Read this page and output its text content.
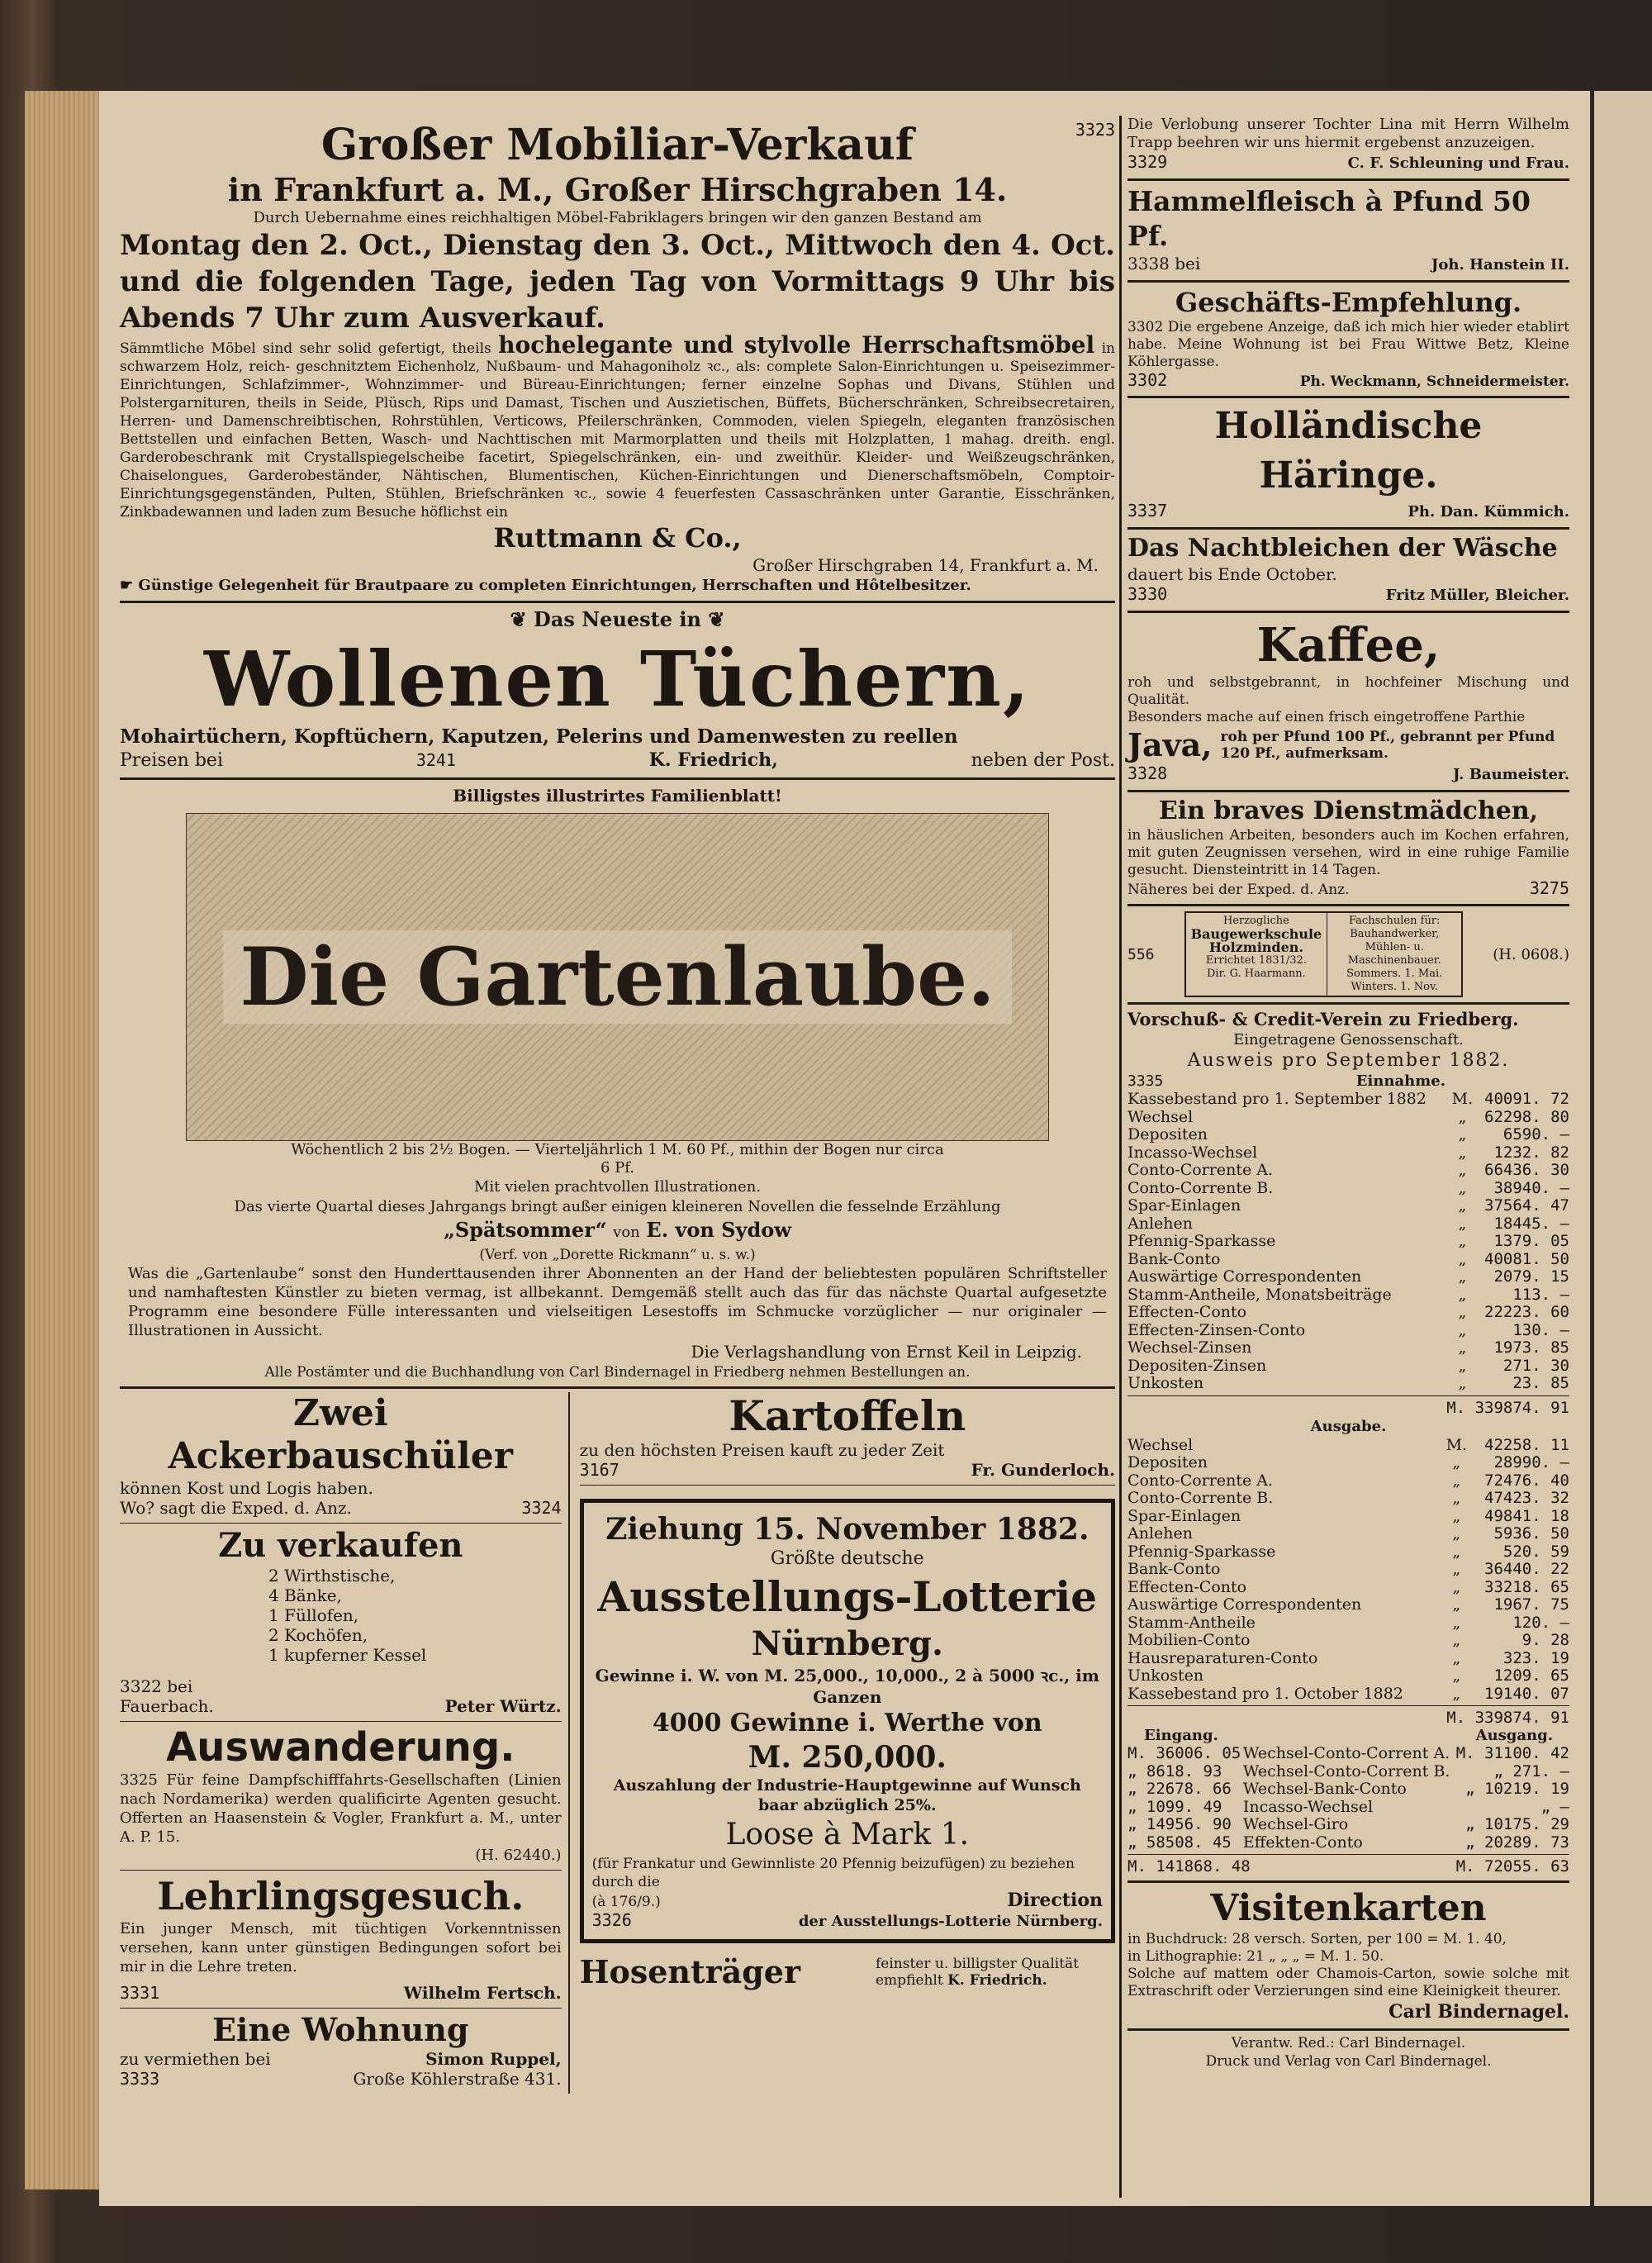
3323
Großer Mobiliar-Verkauf
in Frankfurt a. M., Großer Hirschgraben 14.
Durch Uebernahme eines reichhaltigen Möbel-Fabriklagers bringen wir den ganzen Bestand am
Montag den 2. Oct., Dienstag den 3. Oct., Mittwoch den 4. Oct. und die folgenden Tage, jeden Tag von Vormittags 9 Uhr bis Abends 7 Uhr zum Ausverkauf.
Sämmtliche Möbel sind sehr solid gefertigt, theils hochelegante und stylvolle Herrschaftsmöbel in schwarzem Holz, reich- geschnitztem Eichenholz, Nußbaum- und Mahagoniholz ꝛc., als: complete Salon-Einrichtungen u. Speisezimmer-Einrichtungen, Schlafzimmer-, Wohnzimmer- und Büreau-Einrichtungen; ferner einzelne Sophas und Divans, Stühlen und Polstergarnituren, theils in Seide, Plüsch, Rips und Damast, Tischen und Auszietischen, Büffets, Bücherschränken, Schreibsecretairen, Herren- und Damenschreibtischen, Rohrstühlen, Verticows, Pfeilerschränken, Commoden, vielen Spiegeln, eleganten französischen Bettstellen und einfachen Betten, Wasch- und Nachttischen mit Marmorplatten und theils mit Holzplatten, 1 mahag. dreith. engl. Garderobeschrank mit Crystallspiegelscheibe facetirt, Spiegelschränken, ein- und zweithür. Kleider- und Weißzeugschränken, Chaiselongues, Garderobeständer, Nähtischen, Blumentischen, Küchen-Einrichtungen und Dienerschaftsmöbeln, Comptoir-Einrichtungsgegenständen, Pulten, Stühlen, Briefschränken ꝛc., sowie 4 feuerfesten Cassaschränken unter Garantie, Eisschränken, Zinkbadewannen und laden zum Besuche höflichst ein
Ruttmann & Co.,
Großer Hirschgraben 14, Frankfurt a. M.
☛ Günstige Gelegenheit für Brautpaare zu completen Einrichtungen, Herrschaften und Hôtelbesitzer.
❦ Das Neueste in ❦
Wollenen Tüchern,
Mohairtüchern, Kopftüchern, Kaputzen, Pelerins und Damenwesten zu reellen
Preisen bei	3241	K. Friedrich,	neben der Post.
Billigstes illustrirtes Familienblatt!
Die Gartenlaube.
Wöchentlich 2 bis 2½ Bogen. — Vierteljährlich 1 M. 60 Pf., mithin der Bogen nur circa 6 Pf.
Mit vielen prachtvollen Illustrationen.
Das vierte Quartal dieses Jahrgangs bringt außer einigen kleineren Novellen die fesselnde Erzählung
„Spätsommer“ von E. von Sydow
(Verf. von „Dorette Rickmann“ u. s. w.)
Was die „Gartenlaube“ sonst den Hunderttausenden ihrer Abonnenten an der Hand der beliebtesten populären Schriftsteller und namhaftesten Künstler zu bieten vermag, ist allbekannt. Demgemäß stellt auch das für das nächste Quartal aufgesetzte Programm eine besondere Fülle interessanten und vielseitigen Lesestoffs im Schmucke vorzüglicher — nur originaler — Illustrationen in Aussicht.
Die Verlagshandlung von Ernst Keil in Leipzig.
Alle Postämter und die Buchhandlung von Carl Bindernagel in Friedberg nehmen Bestellungen an.
Zwei Ackerbauschüler
können Kost und Logis haben.
Wo? sagt die Exped. d. Anz.	3324
Zu verkaufen
2 Wirthstische,
4 Bänke,
1 Füllofen,
2 Kochöfen,
1 kupferner Kessel
3322 bei
Fauerbach.	Peter Würtz.
Auswanderung.
3325 Für feine Dampfschifffahrts-Gesellschaften (Linien nach Nordamerika) werden qualificirte Agenten gesucht. Offerten an Haasenstein & Vogler, Frankfurt a. M., unter A. P. 15.
(H. 62440.)
Lehrlingsgesuch.
Ein junger Mensch, mit tüchtigen Vorkenntnissen versehen, kann unter günstigen Bedingungen sofort bei mir in die Lehre treten.
3331	Wilhelm Fertsch.
Eine Wohnung
zu vermiethen bei	Simon Ruppel,
3333	Große Köhlerstraße 431.
Kartoffeln
zu den höchsten Preisen kauft zu jeder Zeit
3167	Fr. Gunderloch.
Ziehung 15. November 1882.
Größte deutsche
Ausstellungs-Lotterie
Nürnberg.
Gewinne i. W. von M. 25,000., 10,000., 2 à 5000 ꝛc., im Ganzen
4000 Gewinne i. Werthe von
M. 250,000.
Auszahlung der Industrie-Hauptgewinne auf Wunsch baar abzüglich 25%.
Loose à Mark 1.
(für Frankatur und Gewinnliste 20 Pfennig beizufügen) zu beziehen durch die
(à 176/9.)	Direction
3326	der Ausstellungs-Lotterie Nürnberg.
Hosenträger	feinster u. billigster Qualität empfiehlt K. Friedrich.
Die Verlobung unserer Tochter Lina mit Herrn Wilhelm Trapp beehren wir uns hiermit ergebenst anzuzeigen.
3329	C. F. Schleuning und Frau.
Hammelfleisch à Pfund 50 Pf.
3338 bei	Joh. Hanstein II.
Geschäfts-Empfehlung.
3302 Die ergebene Anzeige, daß ich mich hier wieder etablirt habe. Meine Wohnung ist bei Frau Wittwe Betz, Kleine Köhlergasse.
3302	Ph. Weckmann, Schneidermeister.
Holländische Häringe.
3337	Ph. Dan. Kümmich.
Das Nachtbleichen der Wäsche
dauert bis Ende October.
3330	Fritz Müller, Bleicher.
Kaffee,
roh und selbstgebrannt, in hochfeiner Mischung und Qualität.
Besonders mache auf einen frisch eingetroffene Parthie
Java, roh per Pfund 100 Pf., gebrannt per Pfund 120 Pf., aufmerksam.
3328	J. Baumeister.
Ein braves Dienstmädchen,
in häuslichen Arbeiten, besonders auch im Kochen erfahren, mit guten Zeugnissen versehen, wird in eine ruhige Familie gesucht. Diensteintritt in 14 Tagen.
Näheres bei der Exped. d. Anz.	3275
556
Herzogliche
Baugewerkschule
Holzminden.
Errichtet 1831/32.
Dir. G. Haarmann.
Fachschulen für:
Bauhandwerker,
Mühlen- u. Maschinenbauer.
Sommers. 1. Mai.
Winters. 1. Nov.
(H. 0608.)
Vorschuß- & Credit-Verein zu Friedberg.
Eingetragene Genossenschaft.
Ausweis pro September 1882.
3335	Einnahme.
Kassebestand pro 1. September 1882	M.	40091. 72
Wechsel	„	62298. 80
Depositen	„	6590. —
Incasso-Wechsel	„	1232. 82
Conto-Corrente A.	„	66436. 30
Conto-Corrente B.	„	38940. —
Spar-Einlagen	„	37564. 47
Anlehen	„	18445. —
Pfennig-Sparkasse	„	1379. 05
Bank-Conto	„	40081. 50
Auswärtige Correspondenten	„	2079. 15
Stamm-Antheile, Monatsbeiträge	„	113. —
Effecten-Conto	„	22223. 60
Effecten-Zinsen-Conto	„	130. —
Wechsel-Zinsen	„	1973. 85
Depositen-Zinsen	„	271. 30
Unkosten	„	23. 85
M. 339874. 91
Ausgabe.
Wechsel	M.	42258. 11
Depositen	„	28990. —
Conto-Corrente A.	„	72476. 40
Conto-Corrente B.	„	47423. 32
Spar-Einlagen	„	49841. 18
Anlehen	„	5936. 50
Pfennig-Sparkasse	„	520. 59
Bank-Conto	„	36440. 22
Effecten-Conto	„	33218. 65
Auswärtige Correspondenten	„	1967. 75
Stamm-Antheile	„	120. —
Mobilien-Conto	„	9. 28
Hausreparaturen-Conto	„	323. 19
Unkosten	„	1209. 65
Kassebestand pro 1. October 1882	„	19140. 07
M. 339874. 91
Eingang.	Ausgang.
M. 36006. 05	Wechsel-Conto-Corrent A.	M. 31100. 42
„ 8618. 93	Wechsel-Conto-Corrent B.	„ 271. —
„ 22678. 66	Wechsel-Bank-Conto	„ 10219. 19
„ 1099. 49	Incasso-Wechsel	„ —
„ 14956. 90	Wechsel-Giro	„ 10175. 29
„ 58508. 45	Effekten-Conto	„ 20289. 73
M. 141868. 48	M. 72055. 63
Visitenkarten
in Buchdruck: 28 versch. Sorten, per 100 = M. 1. 40,
in Lithographie: 21 „ „ „ = M. 1. 50.
Solche auf mattem oder Chamois-Carton, sowie solche mit Extraschrift oder Verzierungen sind eine Kleinigkeit theurer.
Carl Bindernagel.
Verantw. Red.: Carl Bindernagel.
Druck und Verlag von Carl Bindernagel.
